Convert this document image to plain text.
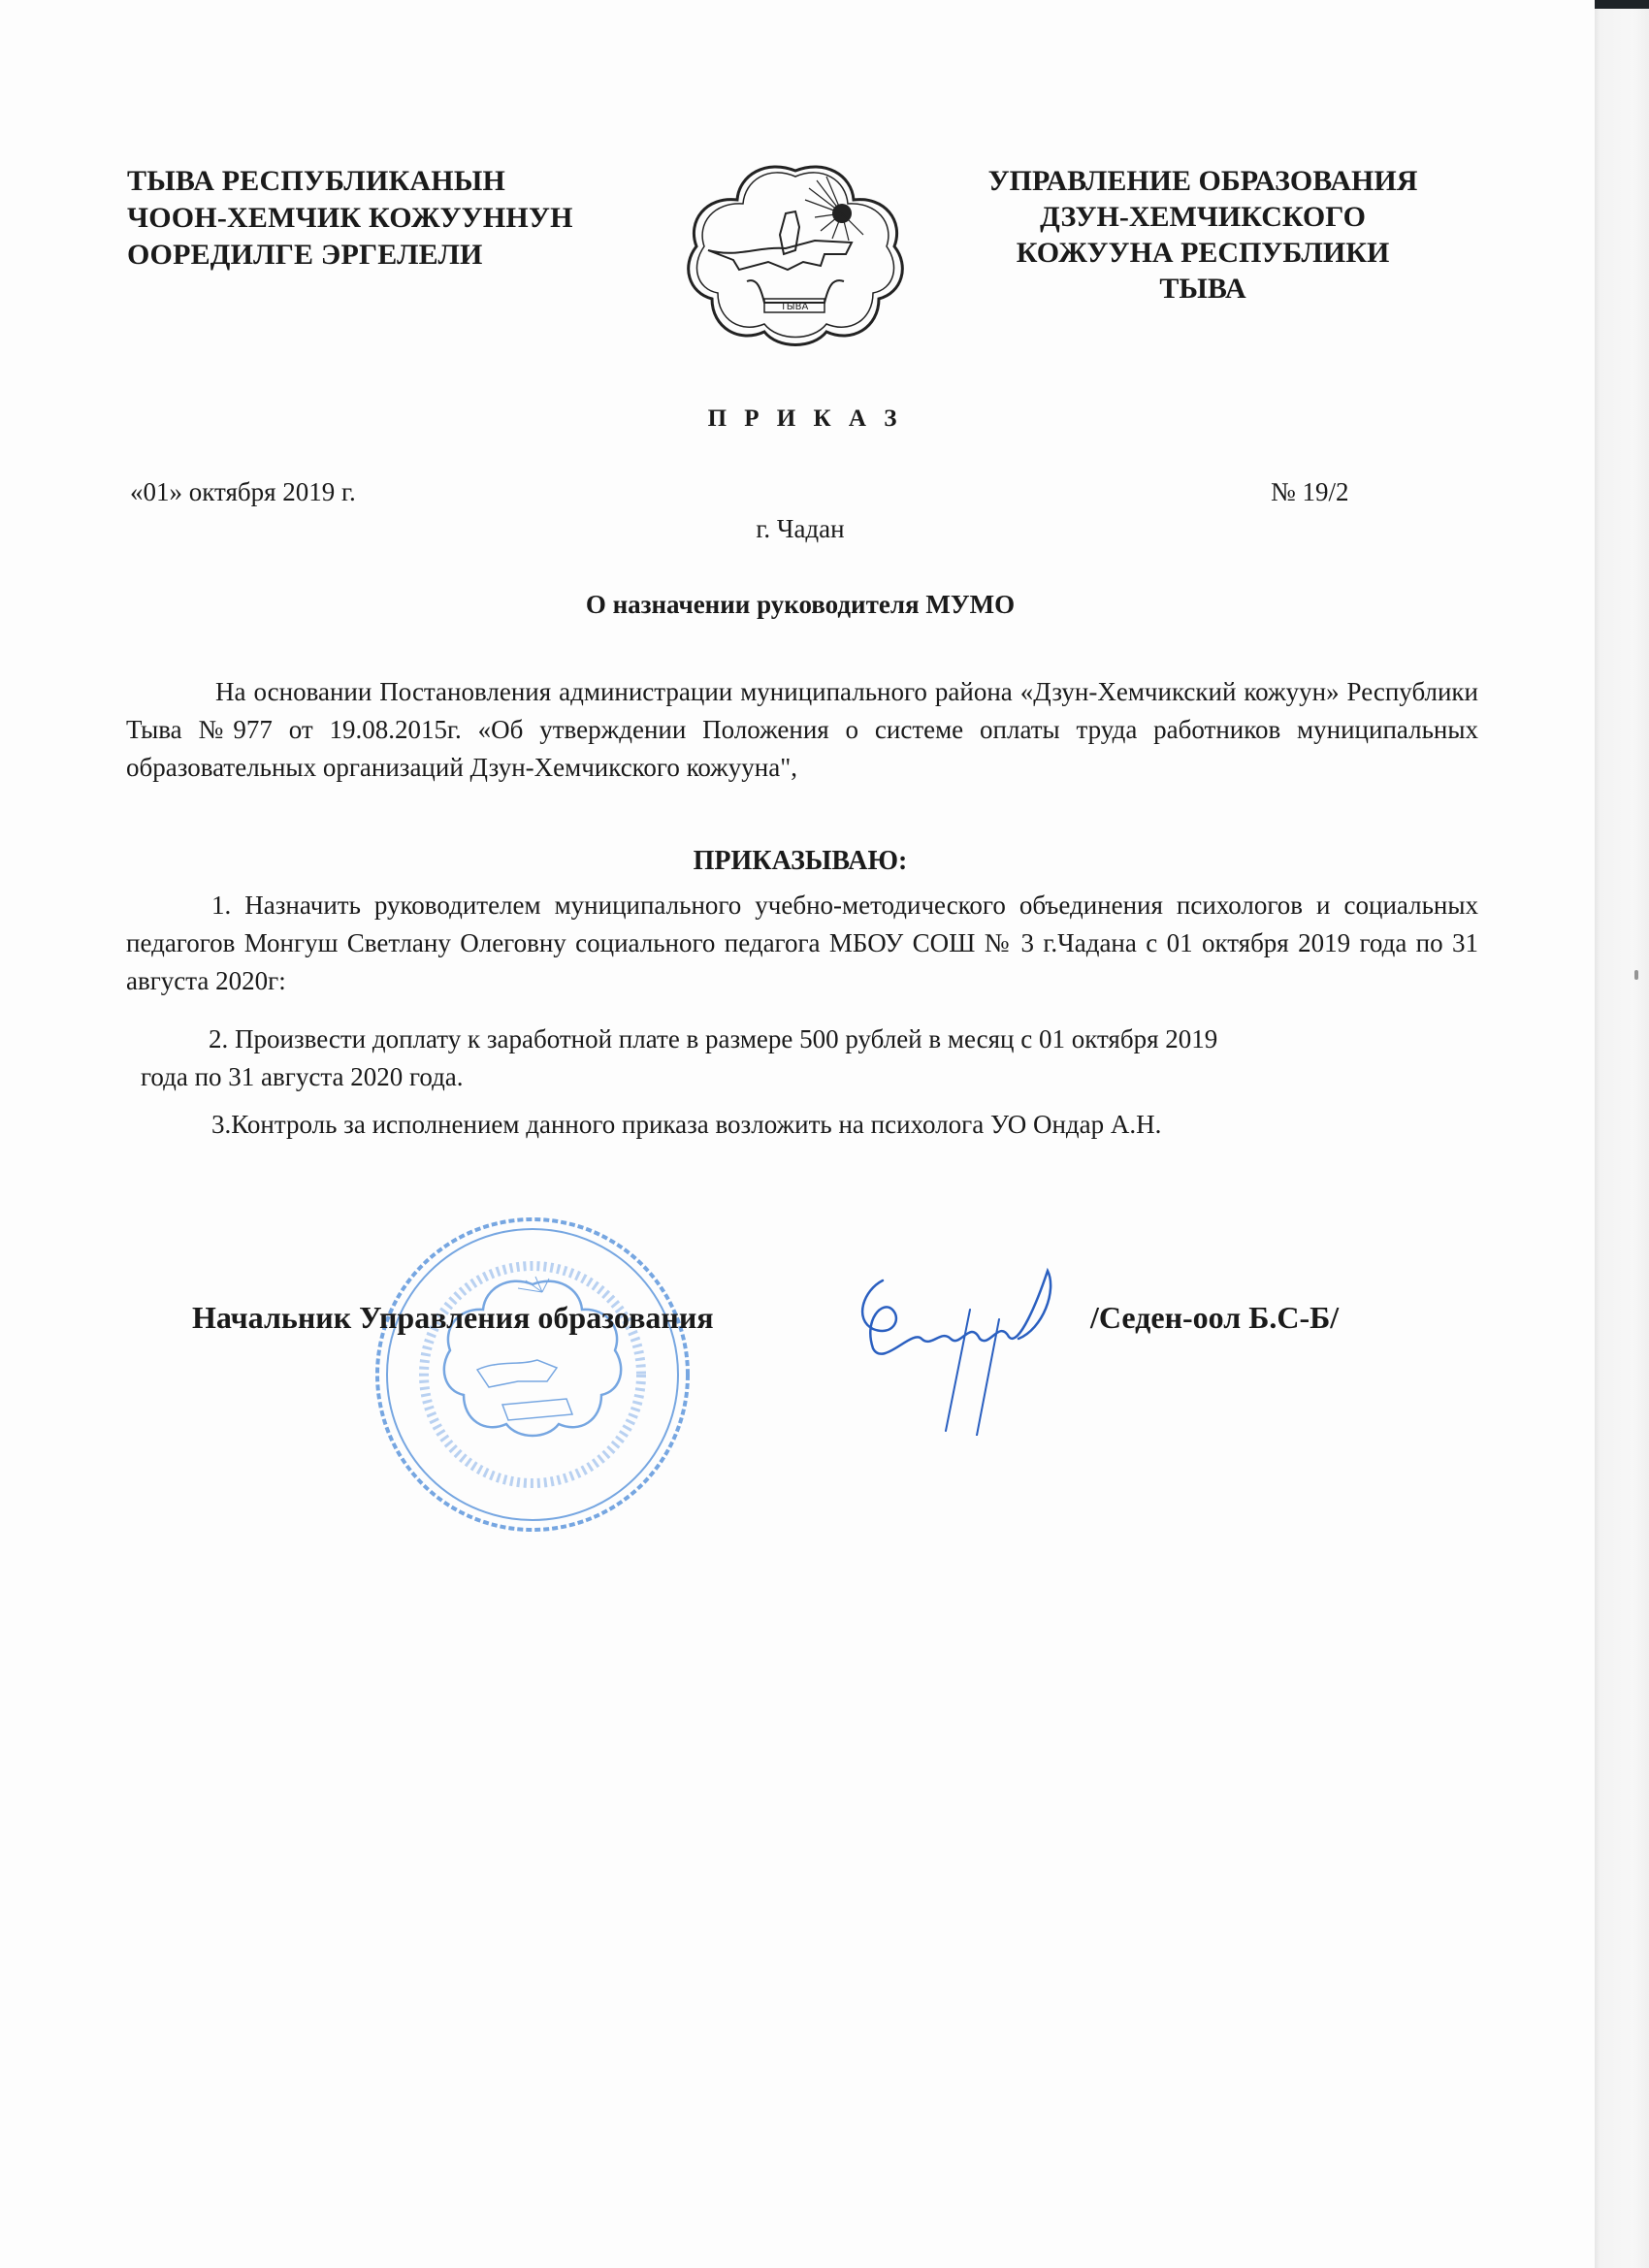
ТЫВА РЕСПУБЛИКАНЫН
ЧООН-ХЕМЧИК КОЖУУННУН
ООРЕДИЛГЕ ЭРГЕЛЕЛИ
ТЫВА
УПРАВЛЕНИЕ ОБРАЗОВАНИЯ
ДЗУН-ХЕМЧИКСКОГО
КОЖУУНА РЕСПУБЛИКИ
ТЫВА
П Р И К А З
«01» октября 2019 г.	№ 19/2
г. Чадан
О назначении руководителя МУМО
На основании Постановления администрации муниципального района «Дзун-Хемчикский кожуун» Республики Тыва №977 от 19.08.2015г. «Об утверждении Положения о системе оплаты труда работников муниципальных образовательных организаций Дзун-Хемчикского кожууна",
ПРИКАЗЫВАЮ:
1. Назначить руководителем муниципального учебно-методического объединения психологов и социальных педагогов Монгуш Светлану Олеговну социального педагога МБОУ СОШ № 3 г.Чадана с 01 октября 2019 года по 31 августа 2020г:
2. Произвести доплату к заработной плате в размере 500 рублей в месяц с 01 октября 2019
года по 31 августа 2020 года.
3.Контроль за исполнением данного приказа возложить на психолога УО Ондар А.Н.
Начальник Управления образования	/Седен-оол Б.С-Б/
